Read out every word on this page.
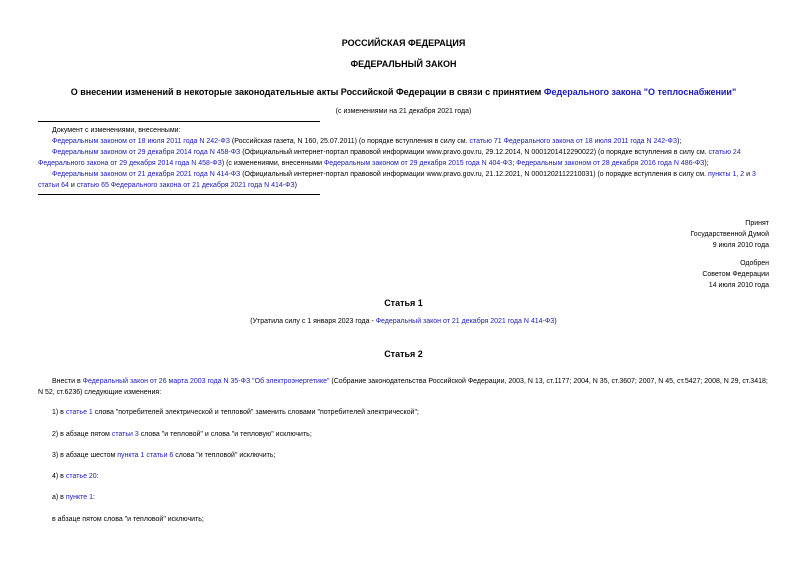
РОССИЙСКАЯ ФЕДЕРАЦИЯ
ФЕДЕРАЛЬНЫЙ ЗАКОН
О внесении изменений в некоторые законодательные акты Российской Федерации в связи с принятием Федерального закона "О теплоснабжении"
(с изменениями на 21 декабря 2021 года)
Документ с изменениями, внесенными:
Федеральным законом от 18 июля 2011 года N 242-ФЗ (Российская газета, N 160, 25.07.2011) (о порядке вступления в силу см. статью 71 Федерального закона от 18 июля 2011 года N 242-ФЗ);
Федеральным законом от 29 декабря 2014 года N 458-ФЗ (Официальный интернет-портал правовой информации www.pravo.gov.ru, 29.12.2014, N 0001201412290022) (о порядке вступления в силу см. статью 24 Федерального закона от 29 декабря 2014 года N 458-ФЗ) (с изменениями, внесенными Федеральным законом от 29 декабря 2015 года N 404-ФЗ; Федеральным законом от 28 декабря 2016 года N 486-ФЗ);
Федеральным законом от 21 декабря 2021 года N 414-ФЗ (Официальный интернет-портал правовой информации www.pravo.gov.ru, 21.12.2021, N 0001202112210031) (о порядке вступления в силу см. пункты 1, 2 и 3 статьи 64 и статью 65 Федерального закона от 21 декабря 2021 года N 414-ФЗ)
Принят
Государственной Думой
9 июля 2010 года
Одобрен
Советом Федерации
14 июля 2010 года
Статья 1
(Утратила силу с 1 января 2023 года - Федеральный закон от 21 декабря 2021 года N 414-ФЗ)
Статья 2
Внести в Федеральный закон от 26 марта 2003 года N 35-ФЗ "Об электроэнергетике" (Собрание законодательства Российской Федерации, 2003, N 13, ст.1177; 2004, N 35, ст.3607; 2007, N 45, ст.5427; 2008, N 29, ст.3418; N 52, ст.6236) следующие изменения:
1) в статье 1 слова "потребителей электрической и тепловой" заменить словами "потребителей электрической";
2) в абзаце пятом статьи 3 слова "и тепловой" и слова "и тепловую" исключить;
3) в абзаце шестом пункта 1 статьи 6 слова "и тепловой" исключить;
4) в статье 20:
а) в пункте 1:
в абзаце пятом слова "и тепловой" исключить;
